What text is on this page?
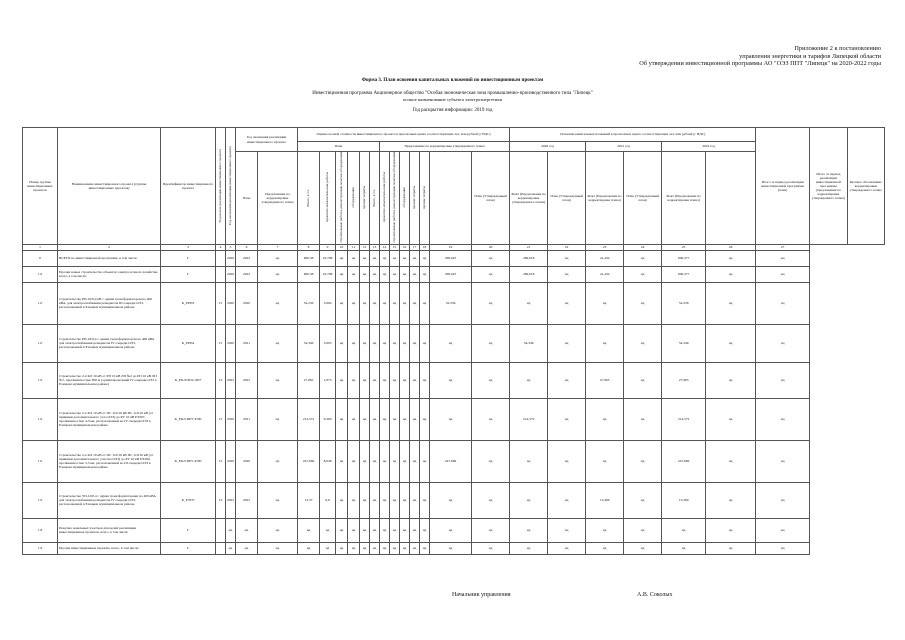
Приложение 2 к постановлению
управления энергетики и тарифов Липецкой области
Об утверждении инвестиционной программы АО "ОЭЗ ППТ "Липецк" на 2020-2022 годы
Форма 3. План освоения капитальных вложений по инвестиционным проектам
Инвестиционная программа Акционерное общество "Особая экономическая зона промышленно-производственного типа "Липецк"
полное наименование субъекта электроэнергетики
Год раскрытия информации: 2019 год
Номер группы инвестиционных проектов	Наименование инвестиционного проекта (группы инвестиционных проектов)	Идентификатор инвестиционного проекта	Год начала реализации инвестиционного проекта	Год окончания реализации инвестиционного проекта	Год окончания реализации инвестиционного проекта		Оценка полной стоимости инвестиционного проекта в прогнозных ценах соответствующих лет, млн рублей (с НДС)													Освоение капитальных вложений в прогнозных ценах соответствующих лет, млн рублей (с НДС)						Итого за период реализации инвестиционной программы (план)	Итого за период реализации инвестиционной программы (предложение по корректировке утвержденного плана)	Краткое обоснование корректировки утвержденного плана
							План						Предложение по корректировке утвержденного плана							2020 год		2021 год		2022 год				
					План	Предложение по корректировке утвержденного плана	Всего, в т.ч.	проектно-изыскательские работы	строительные работы, реконструкция, монтаж оборудования	оборудование	прочие затраты	Всего, в т.ч.	проектно-изыскательские работы	строительные работы, реконструкция, монтаж оборудования	оборудование	прочие затраты	прочие затраты		План (Утвержденный план)	Факт (Предложение по корректировке утвержденного плана)	План (Утвержденный план)	Факт (Предложение по корректировке плана)	План (Утвержденный план)	Факт (Предложение по корректировке плана)				

1	2	3	4	5	6	7	8	9	10	11	12	13	14	15	16	17	18	19	20	21	22	23	24	25	26	27		
0	ВСЕГО по инвестиционной программе, в том числе:	Г		2020	2022	нд	606,38	23,798	нд	нд	нд	нд	нд	нд	нд	нд	нд	299,925	нд	269,018	нд	41,434	нд	606,377	нд	нд		
1.0	Прочие новые строительство объектов электросетевого хозяйства, всего, в том числе:	Г		2020	2022	нд	606,38	23,798	нд	нд	нд	нд	нд	нд	нд	нд	нд	299,925	нд	269,018	нд	41,434	нд	606,377	нд	нд		
1.0	Строительство РП-10/0,4 кВ с одним трансформатором на 400 кВА, для электроснабжения резидентов III очереди ОЭЗ, расположенной в Елецком муниципальном районе	K_ЕРП3	П	2020	2020	нд	52,256	3,604	нд	нд	нд	нд	нд	нд	нд	нд	нд	52,256	нд	нд	нд	нд	нд	52,256	нд	нд		
1.0	Строительство РП-10/0,4 с одним трансформатором на 400 кВА для электроснабжения резидентов IV очереди ОЭЗ, расположенной в Елецком муниципальном районе	K_ЕРП4	П	2020	2021	нд	54,346	3,605	нд	нд	нд	нд	нд	нд	нд	нд	нд	нд	нд	54,346	нд	нд	нд	54,346	нд	нд		
1.0	Строительство 2-х КЛ 10 кВ от РП 10 кВ ЛП №2 до РП 10 кВ ЛП №7, протяженностью 850 м (ориентировочный IV очереди ОЭЗ в Елецком муниципальном районе)	K_ЕКЛ/ЛП2-ЛП7	П	2022	2022	нд	27,965	1,875	нд	нд	нд	нд	нд	нд	нд	нд	нд	нд	нд	нд	нд	27,965	нд	27,965	нд	нд		
1.0	Строительство 2-х КЛ 10 кВ от ПС 110/10 кВ ПС 110/10 кВ (от привязки дополнительного узла ОЭЗ) до РУ 10 кВ РЭ297, протяженностью 4,3 км, расположенной во IV очереди ОЭЗ в Елецком муниципальном районе	K_ЕКЛ-ПРУ-РЭП	П	2020	2021	нд	214,572	6,300	нд	нд	нд	нд	нд	нд	нд	нд	нд	нд	нд	214,572	нд	нд	нд	214,572	нд	нд		
1.0	Строительство 2-х КЛ 10 кВ от ПС 110/10 кВ ПС 110/10 кВ (от привязки дополнительного участка ОЭЗ) до РУ 10 кВ РЭ290, протяженностью 5,5 км, расположенной во III очереди ОЭЗ в Елецком муниципальном районе	K_ЕКЛ-ПРУ-РЭП	П	2020	2020	нд	247,669	8,048	нд	нд	нд	нд	нд	нд	нд	нд	нд	247,669	нд	нд	нд	нд	нд	247,669	нд	нд		
1.0	Строительство ТП-10/0,4 с двумя трансформаторами по 400 кВА для электроснабжения резидентов IV очереди ОЭЗ, расположенной в Елецком муниципальном районе	K_ЕТП7	П	2022	2022	нд	13,37	0,6	нд	нд	нд	нд	нд	нд	нд	нд	нд	нд	нд	нд	нд	13,469	нд	13,369	нд	нд		
1.8	Покупка земельных участков для целей реализации инвестиционных проектов, всего, в том числе:	Г		нд	нд	нд	нд	нд	нд	нд	нд	нд	нд	нд	нд	нд	нд	нд	нд	нд	нд	нд	нд	нд	нд	нд		
1.6	Прочие инвестиционные проекты, всего, в том числе:	Г		нд	нд	нд	нд	нд	нд	нд	нд	нд	нд	нд	нд	нд	нд	нд	нд	нд	нд	нд	нд	нд	нд	нд		
Начальник управления	А.В. Соколых
